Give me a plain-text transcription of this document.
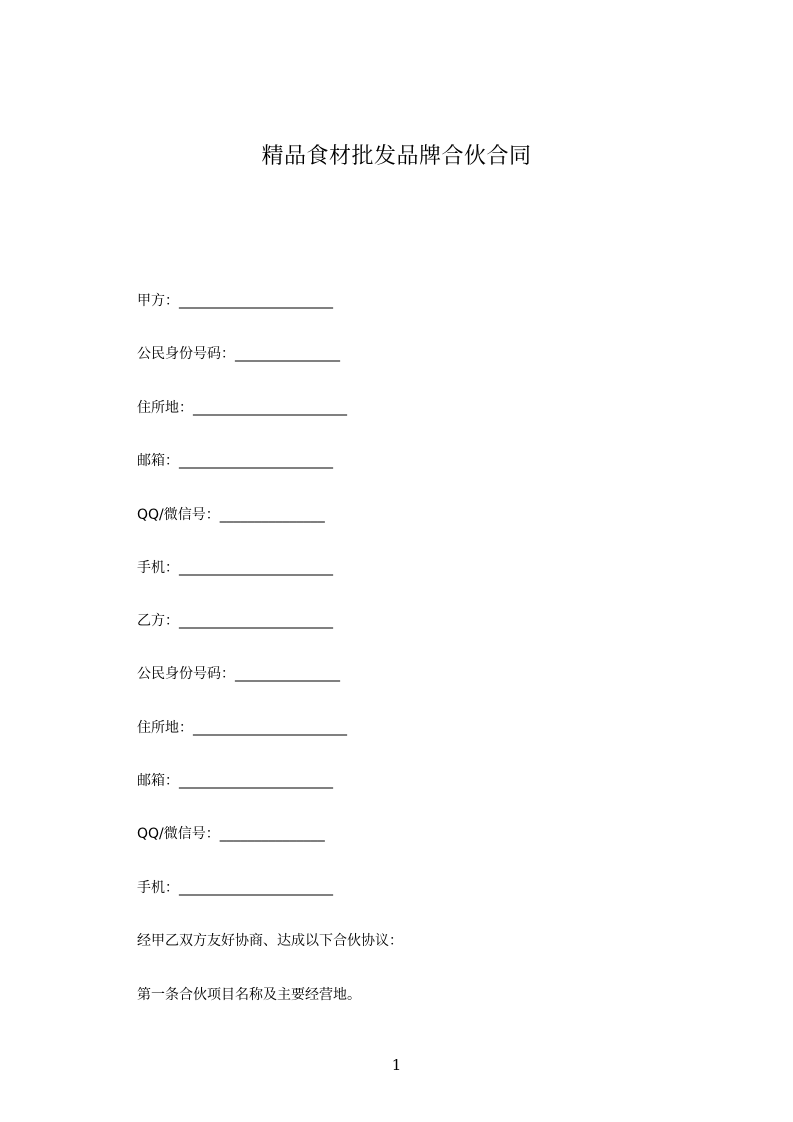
精品食材批发品牌合伙合同
甲方：______________________
公民身份号码：_______________
住所地：______________________
邮箱：______________________
QQ/微信号：_______________
手机：______________________
乙方：______________________
公民身份号码：_______________
住所地：______________________
邮箱：______________________
QQ/微信号：_______________
手机：______________________
经甲乙双方友好协商、达成以下合伙协议：
第一条合伙项目名称及主要经营地。
1
